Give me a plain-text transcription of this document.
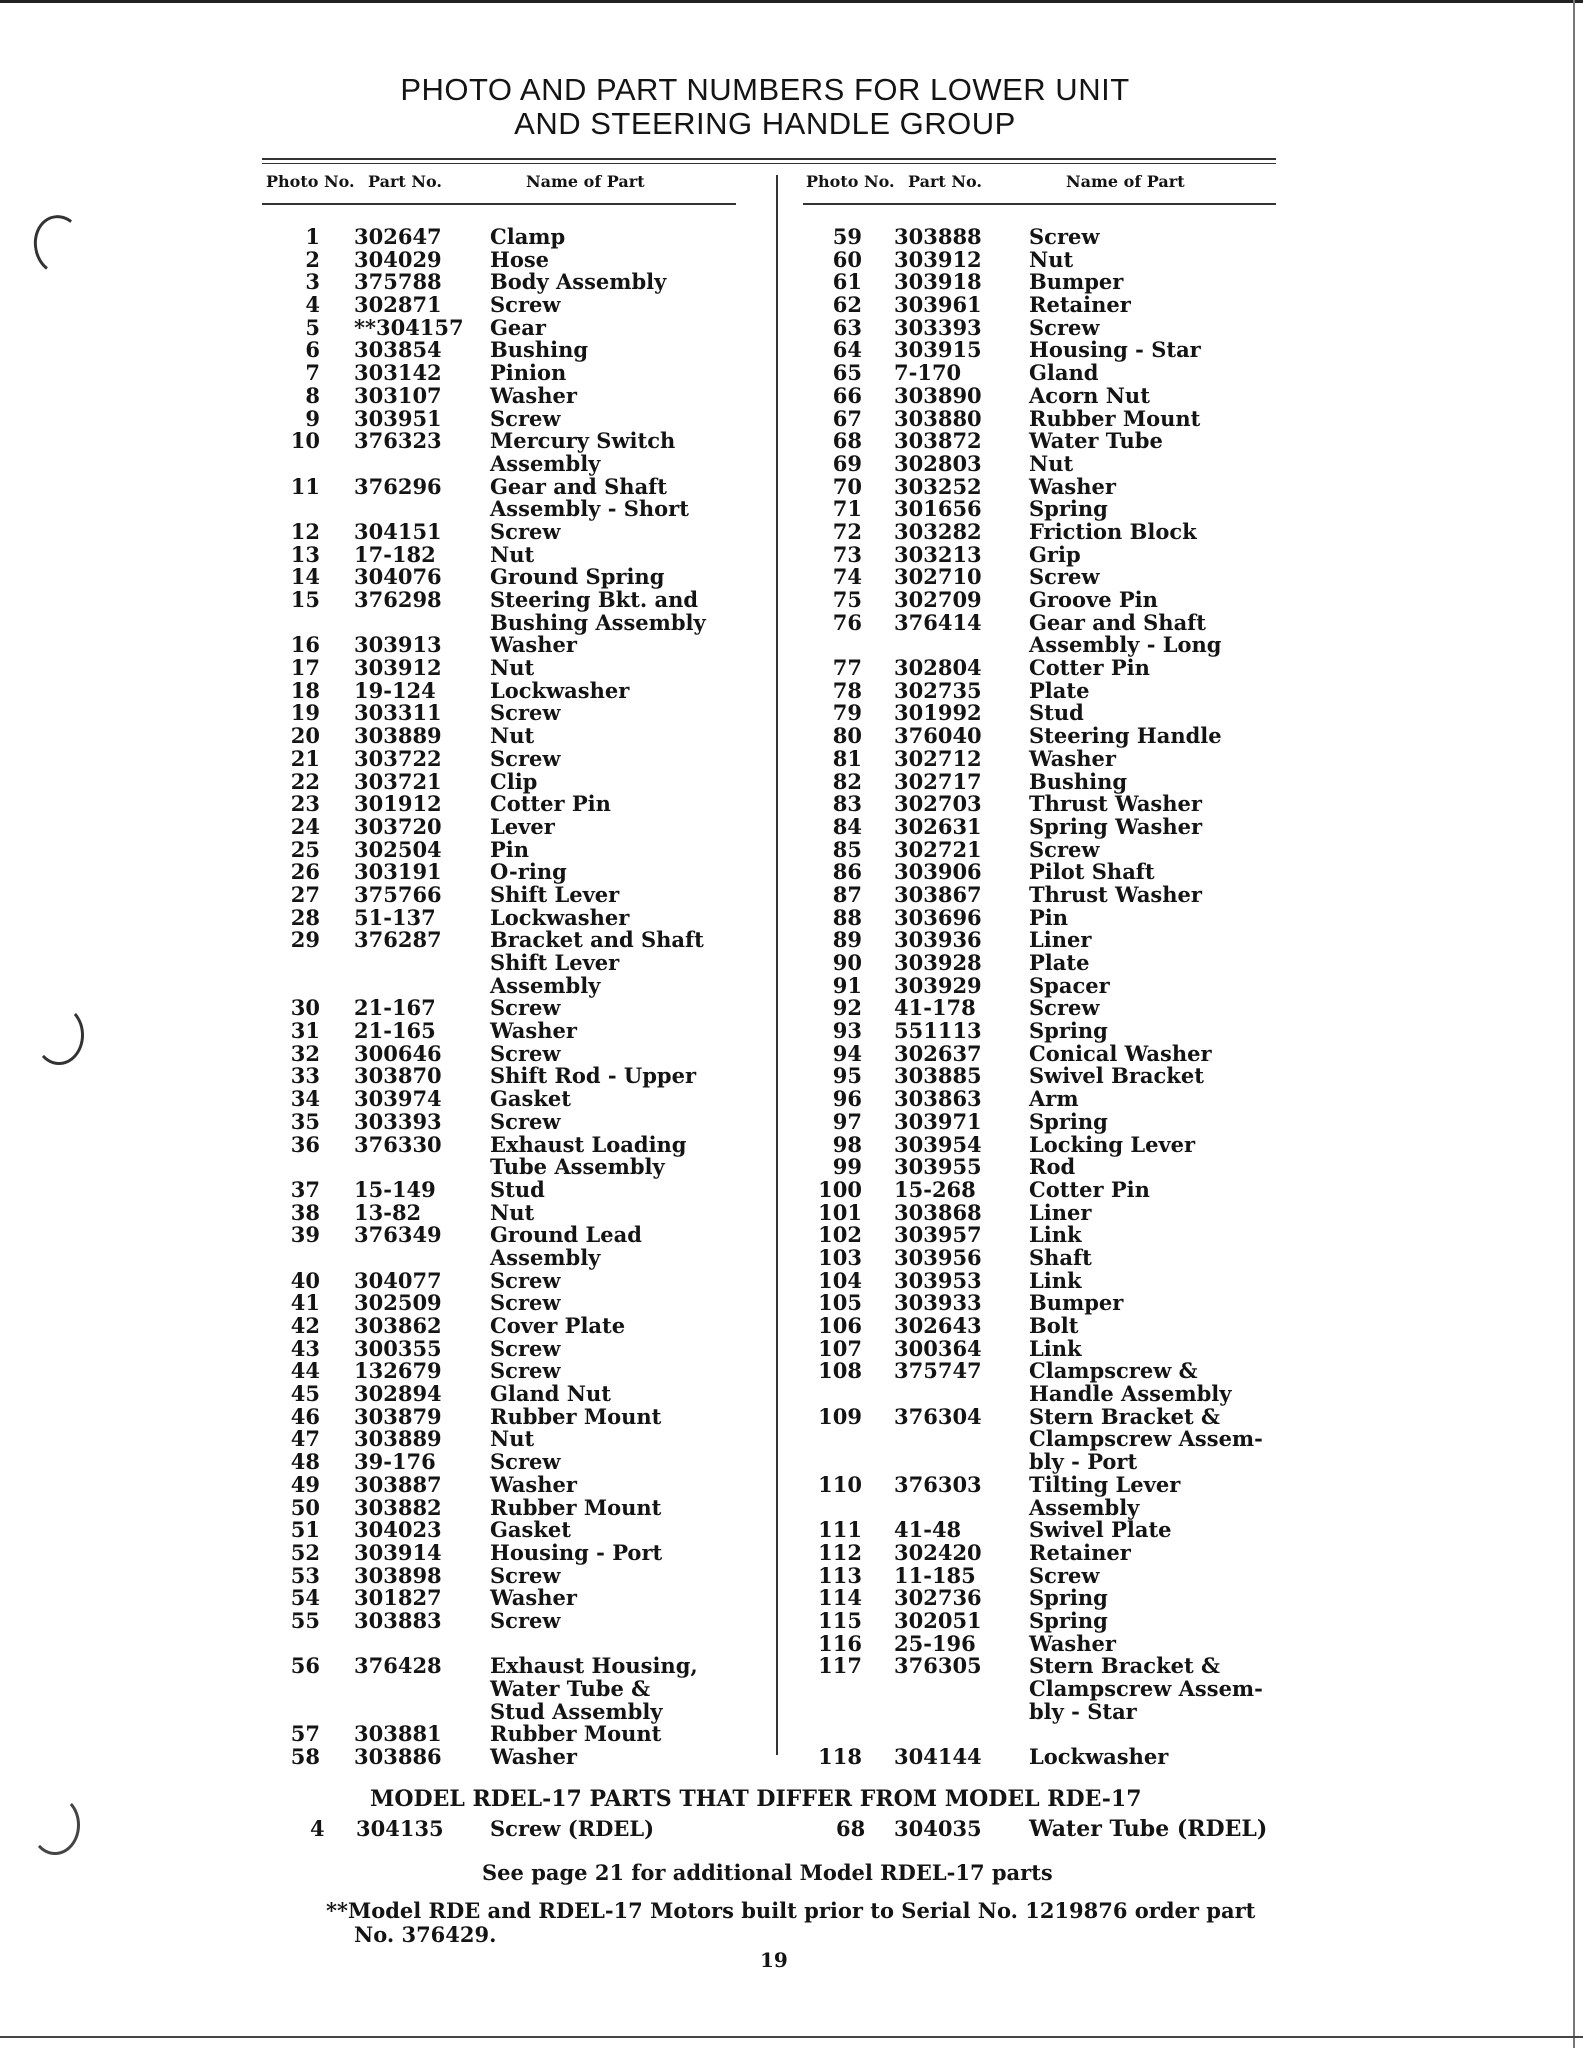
PHOTO AND PART NUMBERS FOR LOWER UNIT
AND STEERING HANDLE GROUP
Photo No. Part No.	Name of Part	Photo No. Part No.	Name of Part
1 302647 Clamp
2 304029 Hose
3 375788 Body Assembly
4 302871 Screw
5 **304157 Gear
6 303854 Bushing
7 303142 Pinion
8 303107 Washer
9 303951 Screw
10 376323 Mercury Switch
Assembly
11 376296 Gear and Shaft
Assembly - Short
12 304151 Screw
13 17-182	Nut
14 304076 Ground Spring
15 376298 Steering Bkt. and
Bushing Assembly
16 303913 Washer
17 303912 Nut
18 19-124	Lockwasher
19 303311 Screw
20 303889 Nut
21 303722 Screw
22 303721 Clip
23 301912 Cotter Pin
24 303720 Lever
25 302504 Pin
26 303191 O-ring
27 375766 Shift Lever
28 51-137	Lockwasher
29 376287 Bracket and Shaft
Shift Lever
Assembly
30 21-167	Screw
31 21-165	Washer
32 300646 Screw
33 303870 Shift Rod - Upper
34 303974 Gasket
35 303393 Screw
36 376330 Exhaust Loading
Tube Assembly
37 15-149	Stud
38 13-82	Nut
39 376349 Ground Lead
Assembly
40 304077 Screw
41 302509 Screw
42 303862 Cover Plate
43 300355 Screw
44 132679 Screw
45 302894 Gland Nut
46 303879 Rubber Mount
47 303889 Nut
48 39-176	Screw
49 303887 Washer
50 303882 Rubber Mount
51 304023 Gasket
52 303914 Housing - Port
53 303898 Screw
54 301827 Washer
55 303883 Screw
56 376428 Exhaust Housing,
Water Tube &
Stud Assembly
57 303881 Rubber Mount
58 303886 Washer
59 303888 Screw
60 303912 Nut
61 303918 Bumper
62 303961 Retainer
63 303393 Screw
64 303915 Housing - Star
65 7-170	Gland
66 303890 Acorn Nut
67 303880 Rubber Mount
68 303872 Water Tube
69 302803 Nut
70 303252 Washer
71 301656 Spring
72 303282 Friction Block
73 303213 Grip
74 302710 Screw
75 302709 Groove Pin
76 376414 Gear and Shaft
Assembly - Long
77 302804 Cotter Pin
78 302735 Plate
79 301992 Stud
80 376040 Steering Handle
81 302712 Washer
82 302717 Bushing
83 302703 Thrust Washer
84 302631 Spring Washer
85 302721 Screw
86 303906 Pilot Shaft
87 303867 Thrust Washer
88 303696 Pin
89 303936 Liner
90 303928 Plate
91 303929 Spacer
92 41-178	Screw
93 551113 Spring
94 302637 Conical Washer
95 303885 Swivel Bracket
96 303863 Arm
97 303971 Spring
98 303954 Locking Lever
99 303955 Rod
100 15-268	Cotter Pin
101 303868 Liner
102 303957 Link
103 303956 Shaft
104 303953 Link
105 303933 Bumper
106 302643 Bolt
107 300364 Link
108 375747 Clampscrew &
Handle Assembly
109 376304 Stern Bracket &
Clampscrew Assem-
bly - Port
110 376303 Tilting Lever
Assembly
111 41-48	Swivel Plate
112 302420 Retainer
113 11-185	Screw
114 302736 Spring
115 302051 Spring
116 25-196	Washer
117 376305 Stern Bracket &
Clampscrew Assem-
bly - Star
118 304144 Lockwasher
MODEL RDEL-17 PARTS THAT DIFFER FROM MODEL RDE-17
4 304135 Screw (RDEL)	68 304035 Water Tube (RDEL)
See page 21 for additional Model RDEL-17 parts
**Model RDE and RDEL-17 Motors built prior to Serial No. 1219876 order part
No. 376429.
19
